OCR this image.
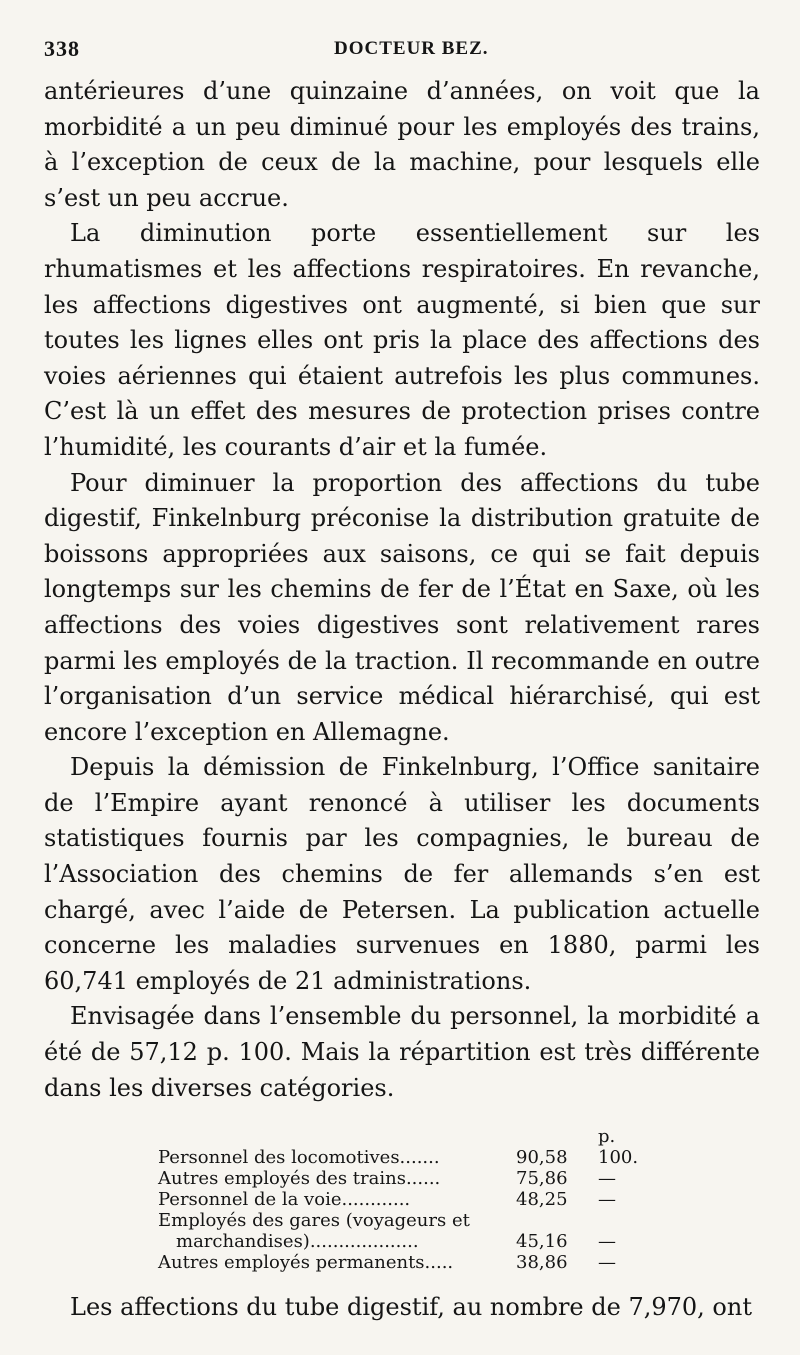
338	DOCTEUR BEZ.

antérieures d’une quinzaine d’années, on voit que la morbidité a un peu diminué pour les employés des trains, à l’exception de ceux de la machine, pour lesquels elle s’est un peu accrue.

La diminution porte essentiellement sur les rhumatismes et les affections respiratoires. En revanche, les affections digestives ont augmenté, si bien que sur toutes les lignes elles ont pris la place des affections des voies aériennes qui étaient autrefois les plus communes. C’est là un effet des mesures de protection prises contre l’humidité, les courants d’air et la fumée.

Pour diminuer la proportion des affections du tube digestif, Finkelnburg préconise la distribution gratuite de boissons appropriées aux saisons, ce qui se fait depuis longtemps sur les chemins de fer de l’État en Saxe, où les affections des voies digestives sont relativement rares parmi les employés de la traction. Il recommande en outre l’organisation d’un service médical hiérarchisé, qui est encore l’exception en Allemagne.

Depuis la démission de Finkelnburg, l’Office sanitaire de l’Empire ayant renoncé à utiliser les documents statistiques fournis par les compagnies, le bureau de l’Association des chemins de fer allemands s’en est chargé, avec l’aide de Petersen. La publication actuelle concerne les maladies survenues en 1880, parmi les 60,741 employés de 21 administrations.

Envisagée dans l’ensemble du personnel, la morbidité a été de 57,12 p. 100. Mais la répartition est très différente dans les diverses catégories.

Personnel des locomotives.......	90,58	p. 100.
Autres employés des trains......	75,86	—
Personnel de la voie............	48,25	—
Employés des gares (voyageurs et		
marchandises)...................	45,16	—
Autres employés permanents.....	38,86	—
Les affections du tube digestif, au nombre de 7,970, ont
